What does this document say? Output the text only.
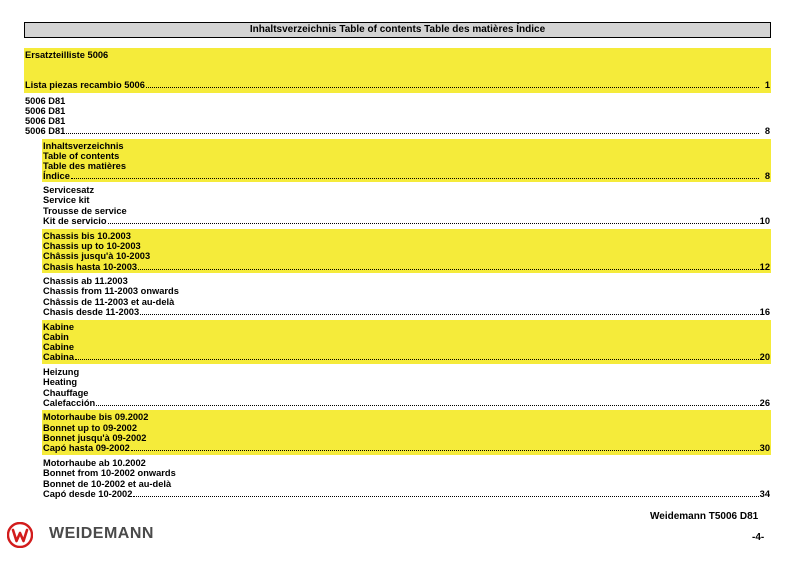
Inhaltsverzeichnis Table of contents Table des matières Índice
Ersatzteilliste 5006
Lista piezas recambio 5006	1
5006 D81
5006 D81
5006 D81
5006 D81	8
Inhaltsverzeichnis
Table of contents
Table des matières
Índice	8
Servicesatz
Service kit
Trousse de service
Kit de servicio	10
Chassis bis 10.2003
Chassis up to 10-2003
Châssis jusqu'à 10-2003
Chasis hasta 10-2003	12
Chassis ab 11.2003
Chassis from 11-2003 onwards
Châssis de 11-2003 et au-delà
Chasis desde 11-2003	16
Kabine
Cabin
Cabine
Cabina	20
Heizung
Heating
Chauffage
Calefacción	26
Motorhaube bis 09.2002
Bonnet up to 09-2002
Bonnet jusqu'à 09-2002
Capó hasta 09-2002	30
Motorhaube ab 10.2002
Bonnet from 10-2002 onwards
Bonnet de 10-2002 et au-delà
Capó desde 10-2002	34
Weidemann T5006 D81
-4-
WEIDEMANN
